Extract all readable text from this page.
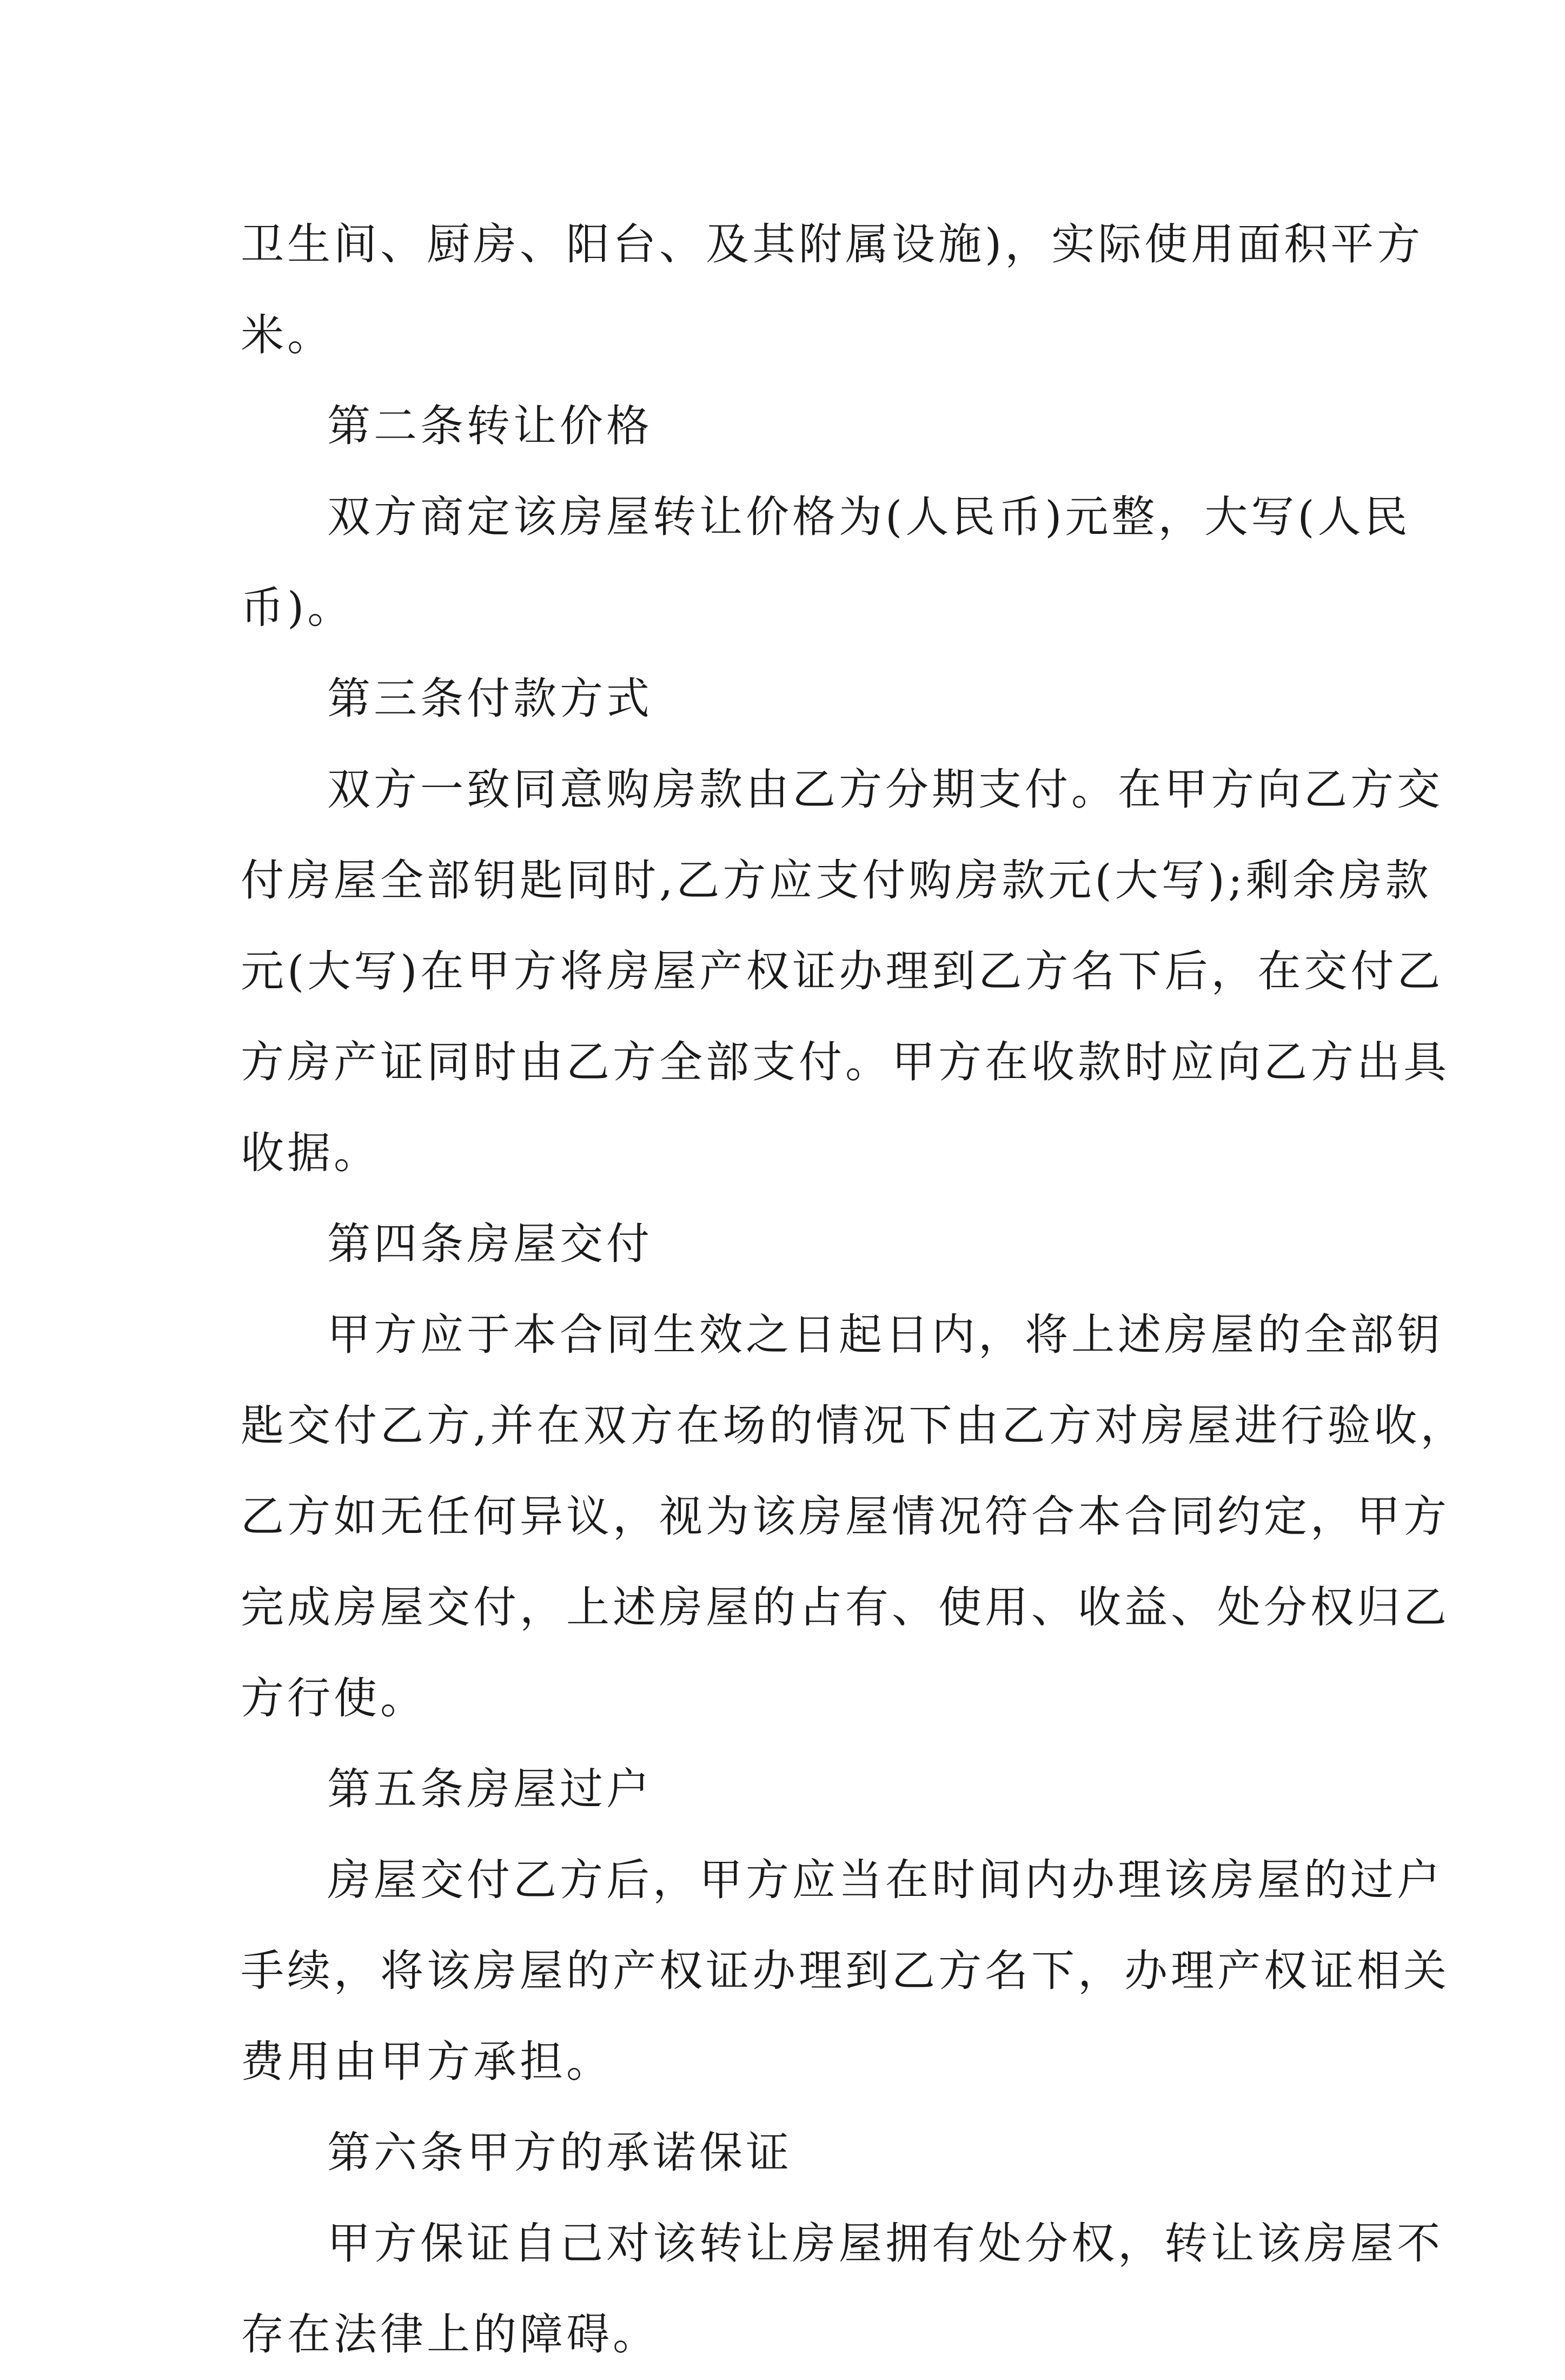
卫生间、厨房、阳台、及其附属设施)，实际使用面积平方
米。
第二条转让价格
双方商定该房屋转让价格为(人民币)元整，大写(人民
币)。
第三条付款方式
双方一致同意购房款由乙方分期支付。在甲方向乙方交
付房屋全部钥匙同时,乙方应支付购房款元(大写);剩余房款
元(大写)在甲方将房屋产权证办理到乙方名下后，在交付乙
方房产证同时由乙方全部支付。甲方在收款时应向乙方出具
收据。
第四条房屋交付
甲方应于本合同生效之日起日内，将上述房屋的全部钥
匙交付乙方,并在双方在场的情况下由乙方对房屋进行验收，
乙方如无任何异议，视为该房屋情况符合本合同约定，甲方
完成房屋交付，上述房屋的占有、使用、收益、处分权归乙
方行使。
第五条房屋过户
房屋交付乙方后，甲方应当在时间内办理该房屋的过户
手续，将该房屋的产权证办理到乙方名下，办理产权证相关
费用由甲方承担。
第六条甲方的承诺保证
甲方保证自己对该转让房屋拥有处分权，转让该房屋不
存在法律上的障碍。
